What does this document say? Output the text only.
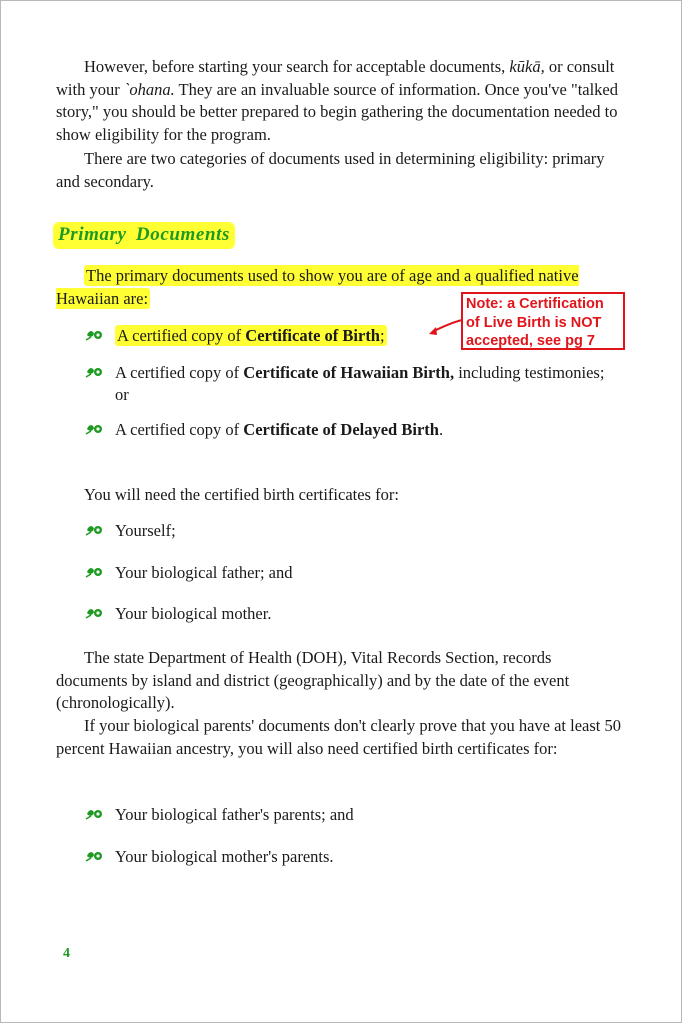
However, before starting your search for acceptable documents, kūkā, or consult with your `ohana. They are an invaluable source of information. Once you've "talked story," you should be better prepared to begin gathering the documentation needed to show eligibility for the program.

There are two categories of documents used in determining eligibility: primary and secondary.

Primary Documents

The primary documents used to show you are of age and a qualified native Hawaiian are:

A certified copy of Certificate of Birth;
A certified copy of Certificate of Hawaiian Birth, including testimonies; or
A certified copy of Certificate of Delayed Birth.
Note: a Certification
of Live Birth is NOT
accepted, see pg 7

You will need the certified birth certificates for:

Yourself;
Your biological father; and
Your biological mother.

The state Department of Health (DOH), Vital Records Section, records documents by island and district (geographically) and by the date of the event (chronologically).

If your biological parents' documents don't clearly prove that you have at least 50 percent Hawaiian ancestry, you will also need certified birth certificates for:

Your biological father's parents; and
Your biological mother's parents.
4
